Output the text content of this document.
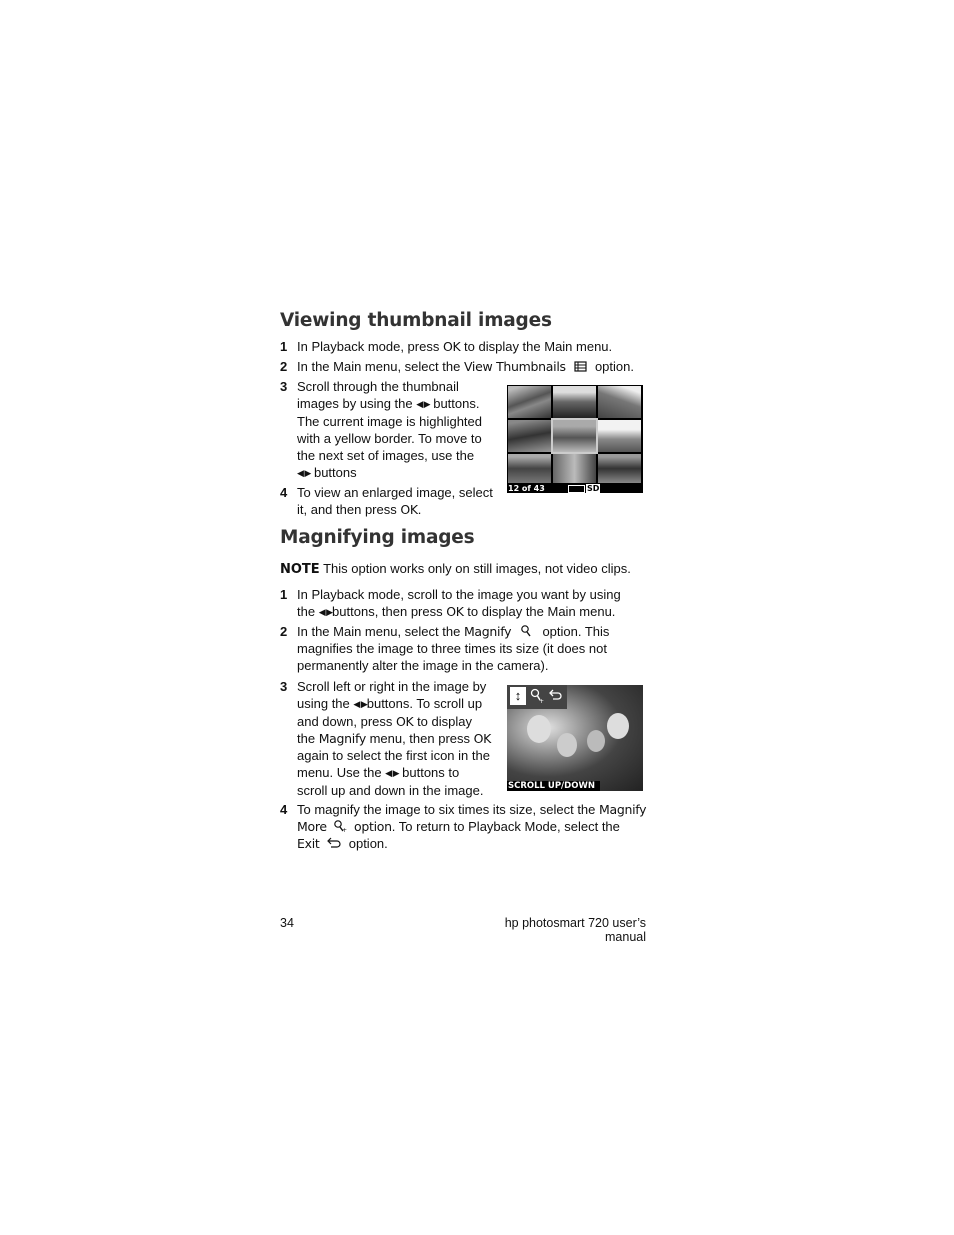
Viewing thumbnail images
1 In Playback mode, press OK to display the Main menu.
2 In the Main menu, select the View Thumbnails  option.
3 Scroll through the thumbnail
images by using the ◀ ▶ buttons.
The current image is highlighted
with a yellow border. To move to
the next set of images, use the
◀ ▶ buttons
4 To view an enlarged image, select
it, and then press OK.
12 of 43	SD
Magnifying images
NOTE This option works only on still images, not video clips.
1 In Playback mode, scroll to the image you want by using
the ◀ ▶buttons, then press OK to display the Main menu.
2 In the Main menu, select the Magnify option. This
magnifies the image to three times its size (it does not
permanently alter the image in the camera).
3 Scroll left or right in the image by
using the ◀ ▶buttons. To scroll up
and down, press OK to display
the Magnify menu, then press OK
again to select the first icon in the
menu. Use the ◀ ▶ buttons to
scroll up and down in the image.
↕	+
SCROLL UP/DOWN
4 To magnify the image to six times its size, select the Magnify
More	+ option. To return to Playback Mode, select the
Exit  option.
34	hp photosmart 720 user’s manual
